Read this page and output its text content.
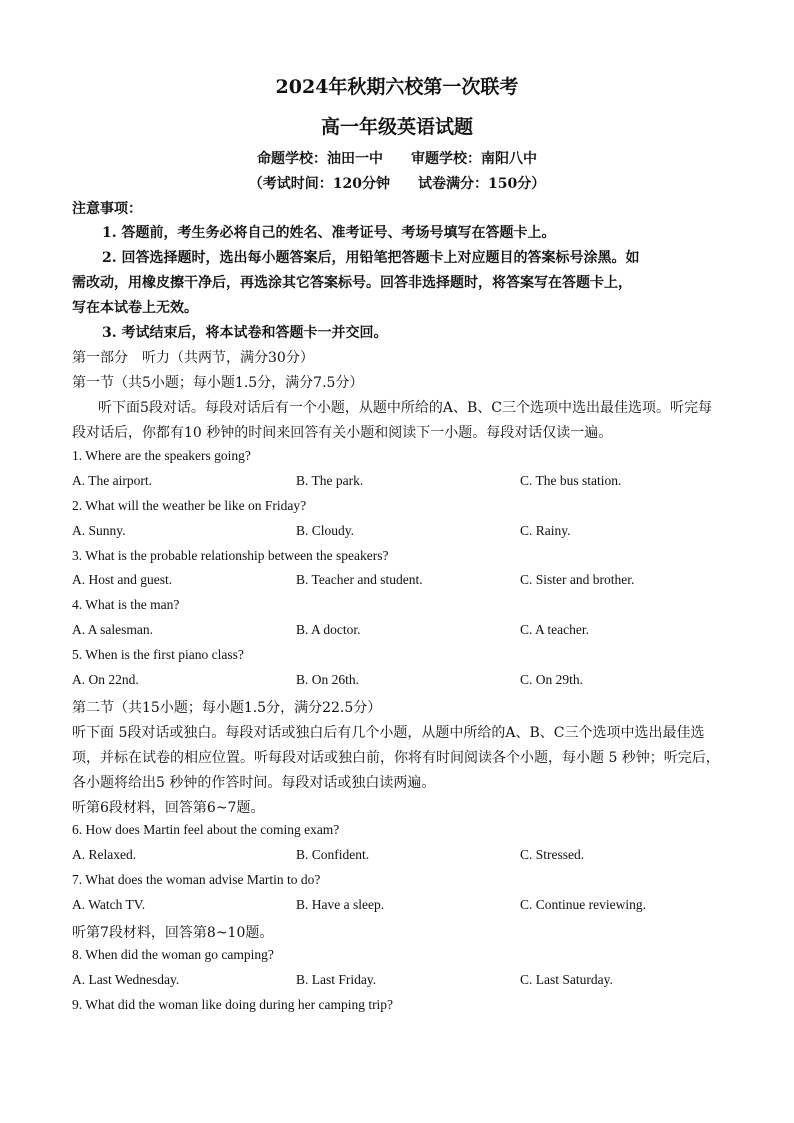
2024年秋期六校第一次联考
高一年级英语试题
命题学校：油田一中　　审题学校：南阳八中
（考试时间：120分钟　　试卷满分：150分）
注意事项：
1. 答题前，考生务必将自己的姓名、准考证号、考场号填写在答题卡上。
2. 回答选择题时，选出每小题答案后，用铅笔把答题卡上对应题目的答案标号涂黑。如
需改动，用橡皮擦干净后，再选涂其它答案标号。回答非选择题时，将答案写在答题卡上，
写在本试卷上无效。
3. 考试结束后，将本试卷和答题卡一并交回。
第一部分　听力（共两节，满分30分）
第一节（共5小题；每小题1.5分，满分7.5分）
听下面5段对话。每段对话后有一个小题，从题中所给的A、B、C三个选项中选出最佳选项。听完每
段对话后，你都有10 秒钟的时间来回答有关小题和阅读下一小题。每段对话仅读一遍。
1. Where are the speakers going?
A. The airport.	B. The park.	C. The bus station.
2. What will the weather be like on Friday?
A. Sunny.	B. Cloudy.	C. Rainy.
3. What is the probable relationship between the speakers?
A. Host and guest.	B. Teacher and student.	C. Sister and brother.
4. What is the man?
A. A salesman.	B. A doctor.	C. A teacher.
5. When is the first piano class?
A. On 22nd.	B. On 26th.	C. On 29th.
第二节（共15小题；每小题1.5分，满分22.5分）
听下面 5段对话或独白。每段对话或独白后有几个小题，从题中所给的A、B、C三个选项中选出最佳选
项，并标在试卷的相应位置。听每段对话或独白前，你将有时间阅读各个小题，每小题 5 秒钟；听完后，
各小题将给出5 秒钟的作答时间。每段对话或独白读两遍。
听第6段材料，回答第6~7题。
6. How does Martin feel about the coming exam?
A. Relaxed.	B. Confident.	C. Stressed.
7. What does the woman advise Martin to do?
A. Watch TV.	B. Have a sleep.	C. Continue reviewing.
听第7段材料，回答第8~10题。
8. When did the woman go camping?
A. Last Wednesday.	B. Last Friday.	C. Last Saturday.
9. What did the woman like doing during her camping trip?
